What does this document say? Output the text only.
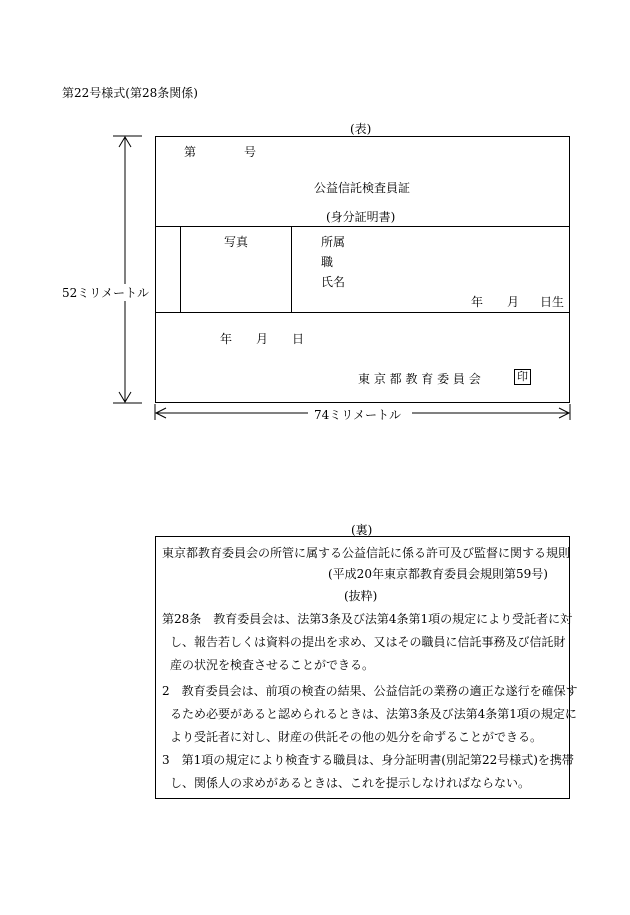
第22号様式(第28条関係)
(表)
第	号
公益信託検査員証
(身分証明書)
写真	所属
職
氏名
年 月 日生
年 月 日
東 京 都 教 育 委 員 会	印
52ミリメートル
74ミリメートル
(裏)
東京都教育委員会の所管に属する公益信託に係る許可及び監督に関する規則
(平成20年東京都教育委員会規則第59号)
(抜粋)
第28条　教育委員会は、法第3条及び法第4条第1項の規定により受託者に対
し、報告若しくは資料の提出を求め、又はその職員に信託事務及び信託財
産の状況を検査させることができる。
2　教育委員会は、前項の検査の結果、公益信託の業務の適正な遂行を確保す
るため必要があると認められるときは、法第3条及び法第4条第1項の規定に
より受託者に対し、財産の供託その他の処分を命ずることができる。
3　第1項の規定により検査する職員は、身分証明書(別記第22号様式)を携帯
し、関係人の求めがあるときは、これを提示しなければならない。
